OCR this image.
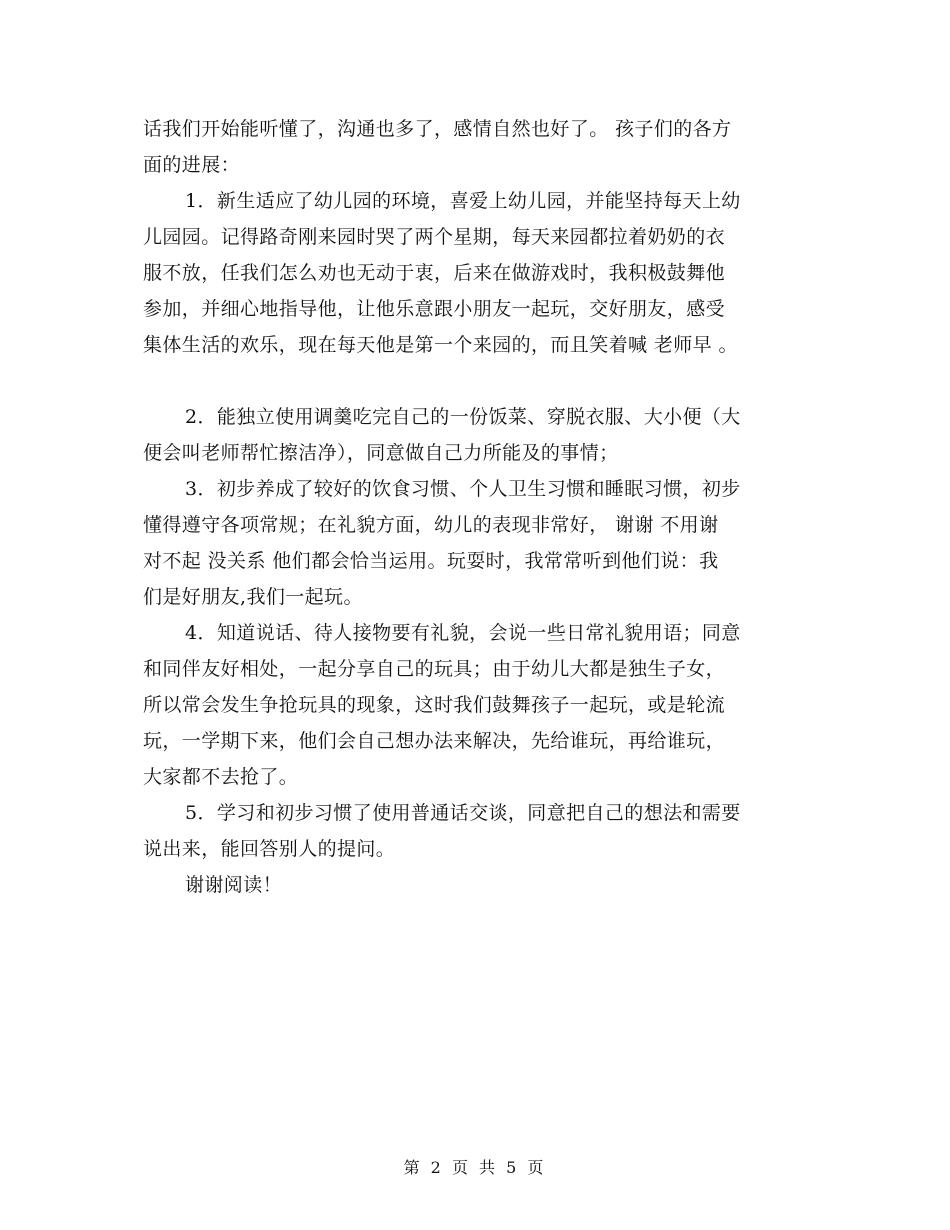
话我们开始能听懂了，沟通也多了，感情自然也好了。 孩子们的各方
面的进展：
1．新生适应了幼儿园的环境，喜爱上幼儿园，并能坚持每天上幼
儿园园。记得路奇刚来园时哭了两个星期，每天来园都拉着奶奶的衣
服不放，任我们怎么劝也无动于衷，后来在做游戏时，我积极鼓舞他
参加，并细心地指导他，让他乐意跟小朋友一起玩，交好朋友，感受
集体生活的欢乐，现在每天他是第一个来园的，而且笑着喊 老师早 。
2．能独立使用调羹吃完自己的一份饭菜、穿脱衣服、大小便（大
便会叫老师帮忙擦洁净），同意做自己力所能及的事情；
3．初步养成了较好的饮食习惯、个人卫生习惯和睡眠习惯，初步
懂得遵守各项常规；在礼貌方面，幼儿的表现非常好， 谢谢 不用谢
对不起 没关系 他们都会恰当运用。玩耍时，我常常听到他们说：我
们是好朋友,我们一起玩。
4．知道说话、待人接物要有礼貌，会说一些日常礼貌用语；同意
和同伴友好相处，一起分享自己的玩具；由于幼儿大都是独生子女，
所以常会发生争抢玩具的现象，这时我们鼓舞孩子一起玩，或是轮流
玩，一学期下来，他们会自己想办法来解决，先给谁玩，再给谁玩，
大家都不去抢了。
5．学习和初步习惯了使用普通话交谈，同意把自己的想法和需要
说出来，能回答别人的提问。
谢谢阅读！
第 2 页 共 5 页
